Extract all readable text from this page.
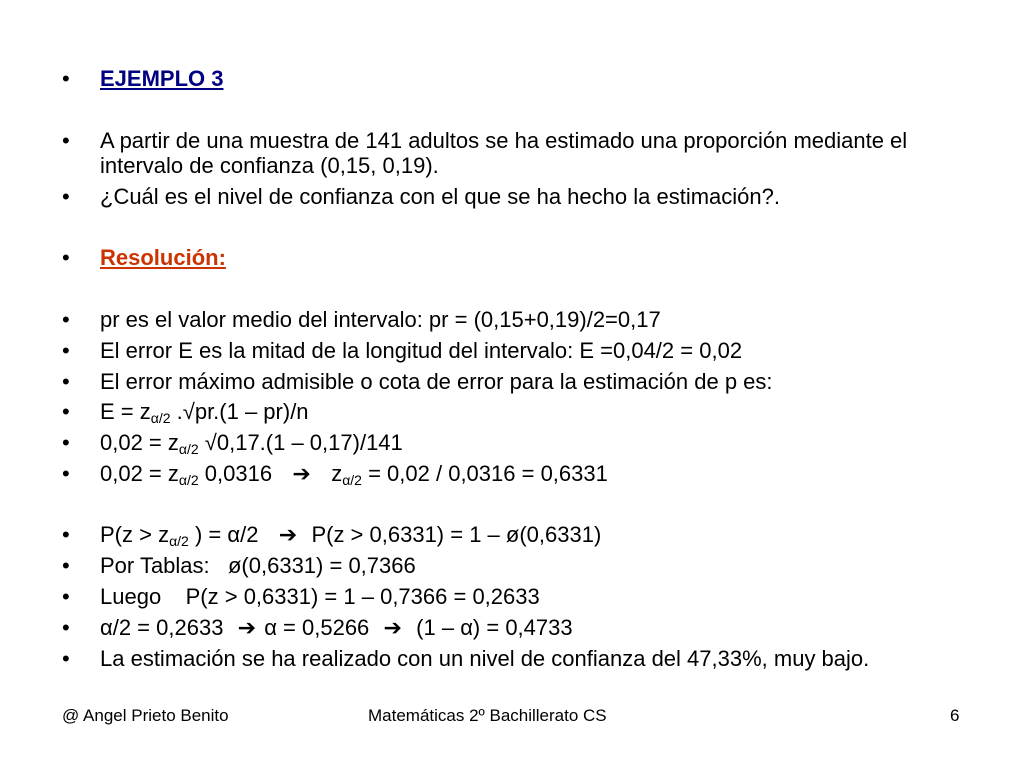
• EJEMPLO 3
• A partir de una muestra de 141 adultos se ha estimado una proporción mediante el intervalo de confianza (0,15, 0,19).
• ¿Cuál es el nivel de confianza con el que se ha hecho la estimación?.
• Resolución:
• pr es el valor medio del intervalo: pr = (0,15+0,19)/2=0,17
• El error E es la mitad de la longitud del intervalo: E =0,04/2 = 0,02
• El error máximo admisible o cota de error para la estimación de p es:
• $E = z_{\alpha/2}$ .√pr.(1 – pr)/n
• $0,02 = z_{\alpha/2}$ √0,17.(1 – 0,17)/141
• $0,02 = z_{\alpha/2}$ 0,0316   ➔   $z_{\alpha/2} = 0,02 / 0,0316 = 0,6331$
• $P(z > z_{\alpha/2}$ ) = α/2   ➔  P(z > 0,6331) = 1 – ø(0,6331)
• Por Tablas:   ø(0,6331) = 0,7366
• Luego    P(z > 0,6331) = 1 – 0,7366 = 0,2633
• α/2 = 0,2633  ➔ α = 0,5266  ➔  (1 – α) = 0,4733
• La estimación se ha realizado con un nivel de confianza del 47,33%, muy bajo.
@ Angel Prieto Benito	Matemáticas 2º Bachillerato CS	6
